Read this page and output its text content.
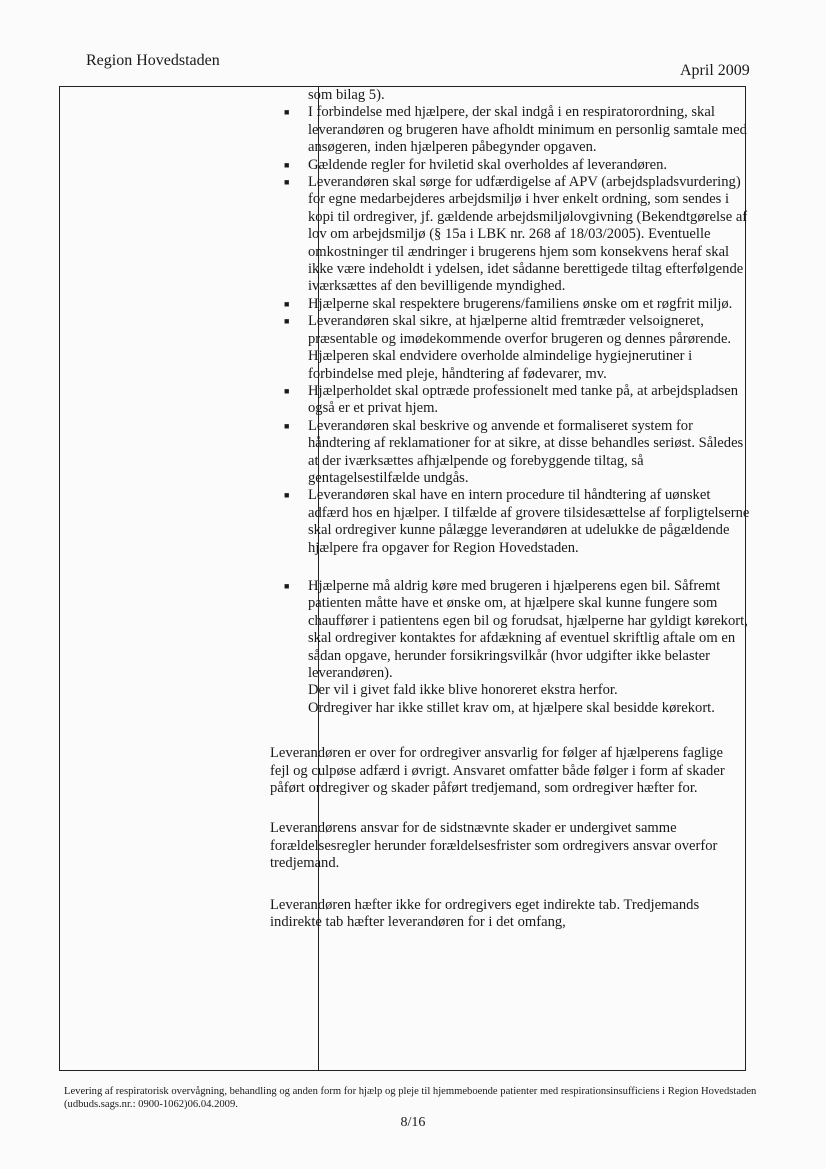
Region Hovedstaden
April 2009

som bilag 5).

■ I forbindelse med hjælpere, der skal indgå i en respiratorordning, skal leverandøren og brugeren have afholdt minimum en personlig samtale med ansøgeren, inden hjælperen påbegynder opgaven.
■ Gældende regler for hviletid skal overholdes af leverandøren.
■ Leverandøren skal sørge for udfærdigelse af APV (arbejdspladsvurdering) for egne medarbejderes arbejdsmiljø i hver enkelt ordning, som sendes i kopi til ordregiver, jf. gældende arbejdsmiljølovgivning (Bekendtgørelse af lov om arbejdsmiljø (§ 15a i LBK nr. 268 af 18/03/2005). Eventuelle omkostninger til ændringer i brugerens hjem som konsekvens heraf skal ikke være indeholdt i ydelsen, idet sådanne berettigede tiltag efterfølgende iværksættes af den bevilligende myndighed.
■ Hjælperne skal respektere brugerens/familiens ønske om et røgfrit miljø.
■ Leverandøren skal sikre, at hjælperne altid fremtræder velsoigneret, præsentable og imødekommende overfor brugeren og dennes pårørende. Hjælperen skal endvidere overholde almindelige hygiejnerutiner i forbindelse med pleje, håndtering af fødevarer, mv.
■ Hjælperholdet skal optræde professionelt med tanke på, at arbejdspladsen også er et privat hjem.
■ Leverandøren skal beskrive og anvende et formaliseret system for håndtering af reklamationer for at sikre, at disse behandles seriøst. Således at der iværksættes afhjælpende og forebyggende tiltag, så gentagelsestilfælde undgås.
■ Leverandøren skal have en intern procedure til håndtering af uønsket adfærd hos en hjælper. I tilfælde af grovere tilsidesættelse af forpligtelserne skal ordregiver kunne pålægge leverandøren at udelukke de pågældende hjælpere fra opgaver for Region Hovedstaden.
■ Hjælperne må aldrig køre med brugeren i hjælperens egen bil. Såfremt patienten måtte have et ønske om, at hjælpere skal kunne fungere som chauffører i patientens egen bil og forudsat, hjælperne har gyldigt kørekort, skal ordregiver kontaktes for afdækning af eventuel skriftlig aftale om en sådan opgave, herunder forsikringsvilkår (hvor udgifter ikke belaster leverandøren).

Der vil i givet fald ikke blive honoreret ekstra herfor.

Ordregiver har ikke stillet krav om, at hjælpere skal besidde kørekort.

Leverandøren er over for ordregiver ansvarlig for følger af hjælperens faglige fejl og culpøse adfærd i øvrigt. Ansvaret omfatter både følger i form af skader påført ordregiver og skader påført tredjemand, som ordregiver hæfter for.

Leverandørens ansvar for de sidstnævnte skader er undergivet samme forældelsesregler herunder forældelsesfrister som ordregivers ansvar overfor tredjemand.

Leverandøren hæfter ikke for ordregivers eget indirekte tab. Tredjemands indirekte tab hæfter leverandøren for i det omfang,

Levering af respiratorisk overvågning, behandling og anden form for hjælp og pleje til hjemmeboende patienter med respirationsinsufficiens i Region Hovedstaden (udbuds.sags.nr.: 0900-1062)06.04.2009.
8/16
